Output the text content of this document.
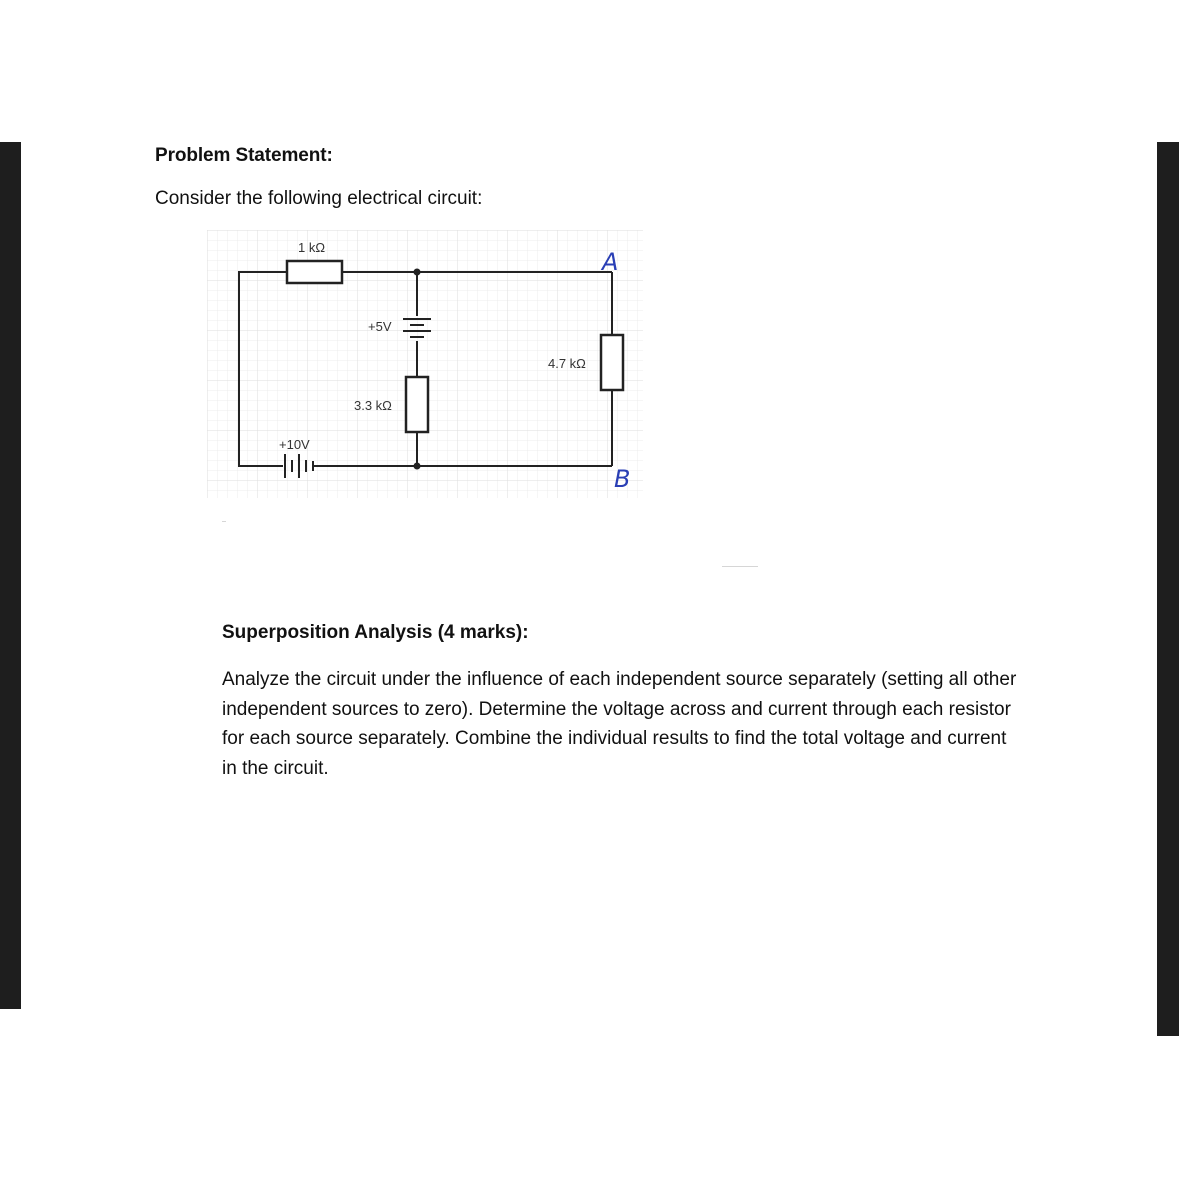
Problem Statement:
Consider the following electrical circuit:
1 kΩ
+5V
3.3 kΩ
4.7 kΩ
+10V
A
B
Superposition Analysis (4 marks):
Analyze the circuit under the influence of each independent source separately (setting all other independent sources to zero). Determine the voltage across and current through each resistor for each source separately. Combine the individual results to find the total voltage and current in the circuit.
